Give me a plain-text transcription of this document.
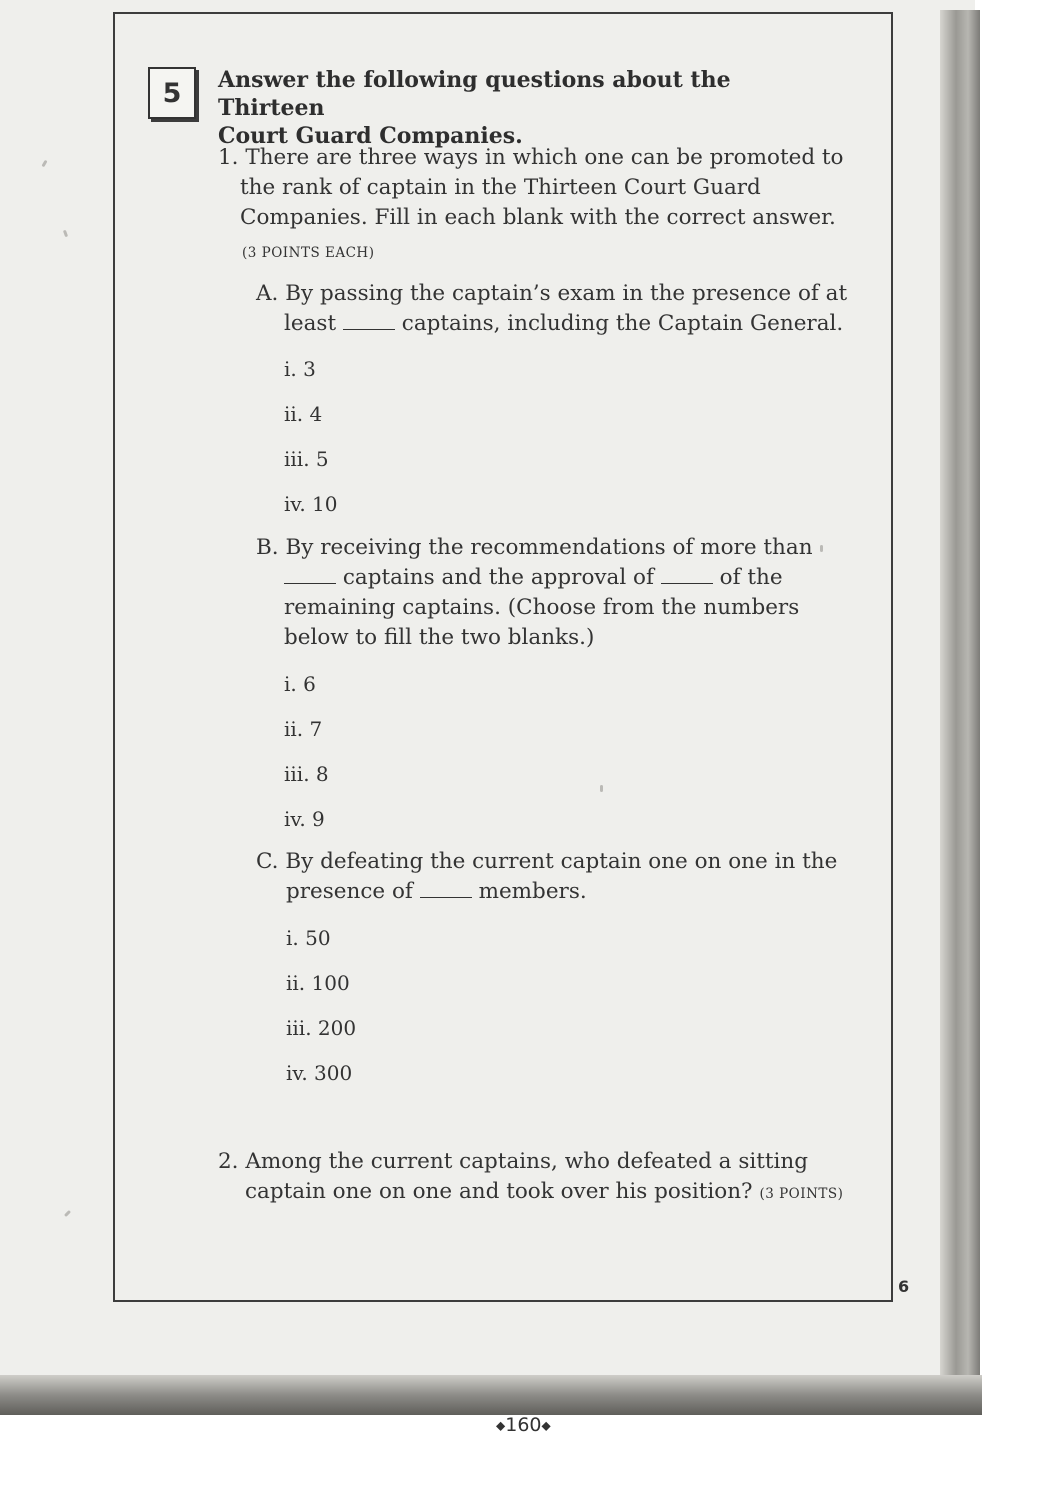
5	Answer the following questions about the Thirteen
Court Guard Companies.
1. There are three ways in which one can be promoted to
the rank of captain in the Thirteen Court Guard
Companies. Fill in each blank with the correct answer.
(3 POINTS EACH)
A. By passing the captain’s exam in the presence of at
least	captains, including the Captain General.
i. 3
ii. 4
iii. 5
iv. 10
B. By receiving the recommendations of more than
captains and the approval of	of the
remaining captains. (Choose from the numbers
below to fill the two blanks.)
i. 6
ii. 7
iii. 8
iv. 9
C. By defeating the current captain one on one in the
presence of	members.
i. 50
ii. 100
iii. 200
iv. 300
2. Among the current captains, who defeated a sitting
captain one on one and took over his position? (3 POINTS)
6
◆160◆
